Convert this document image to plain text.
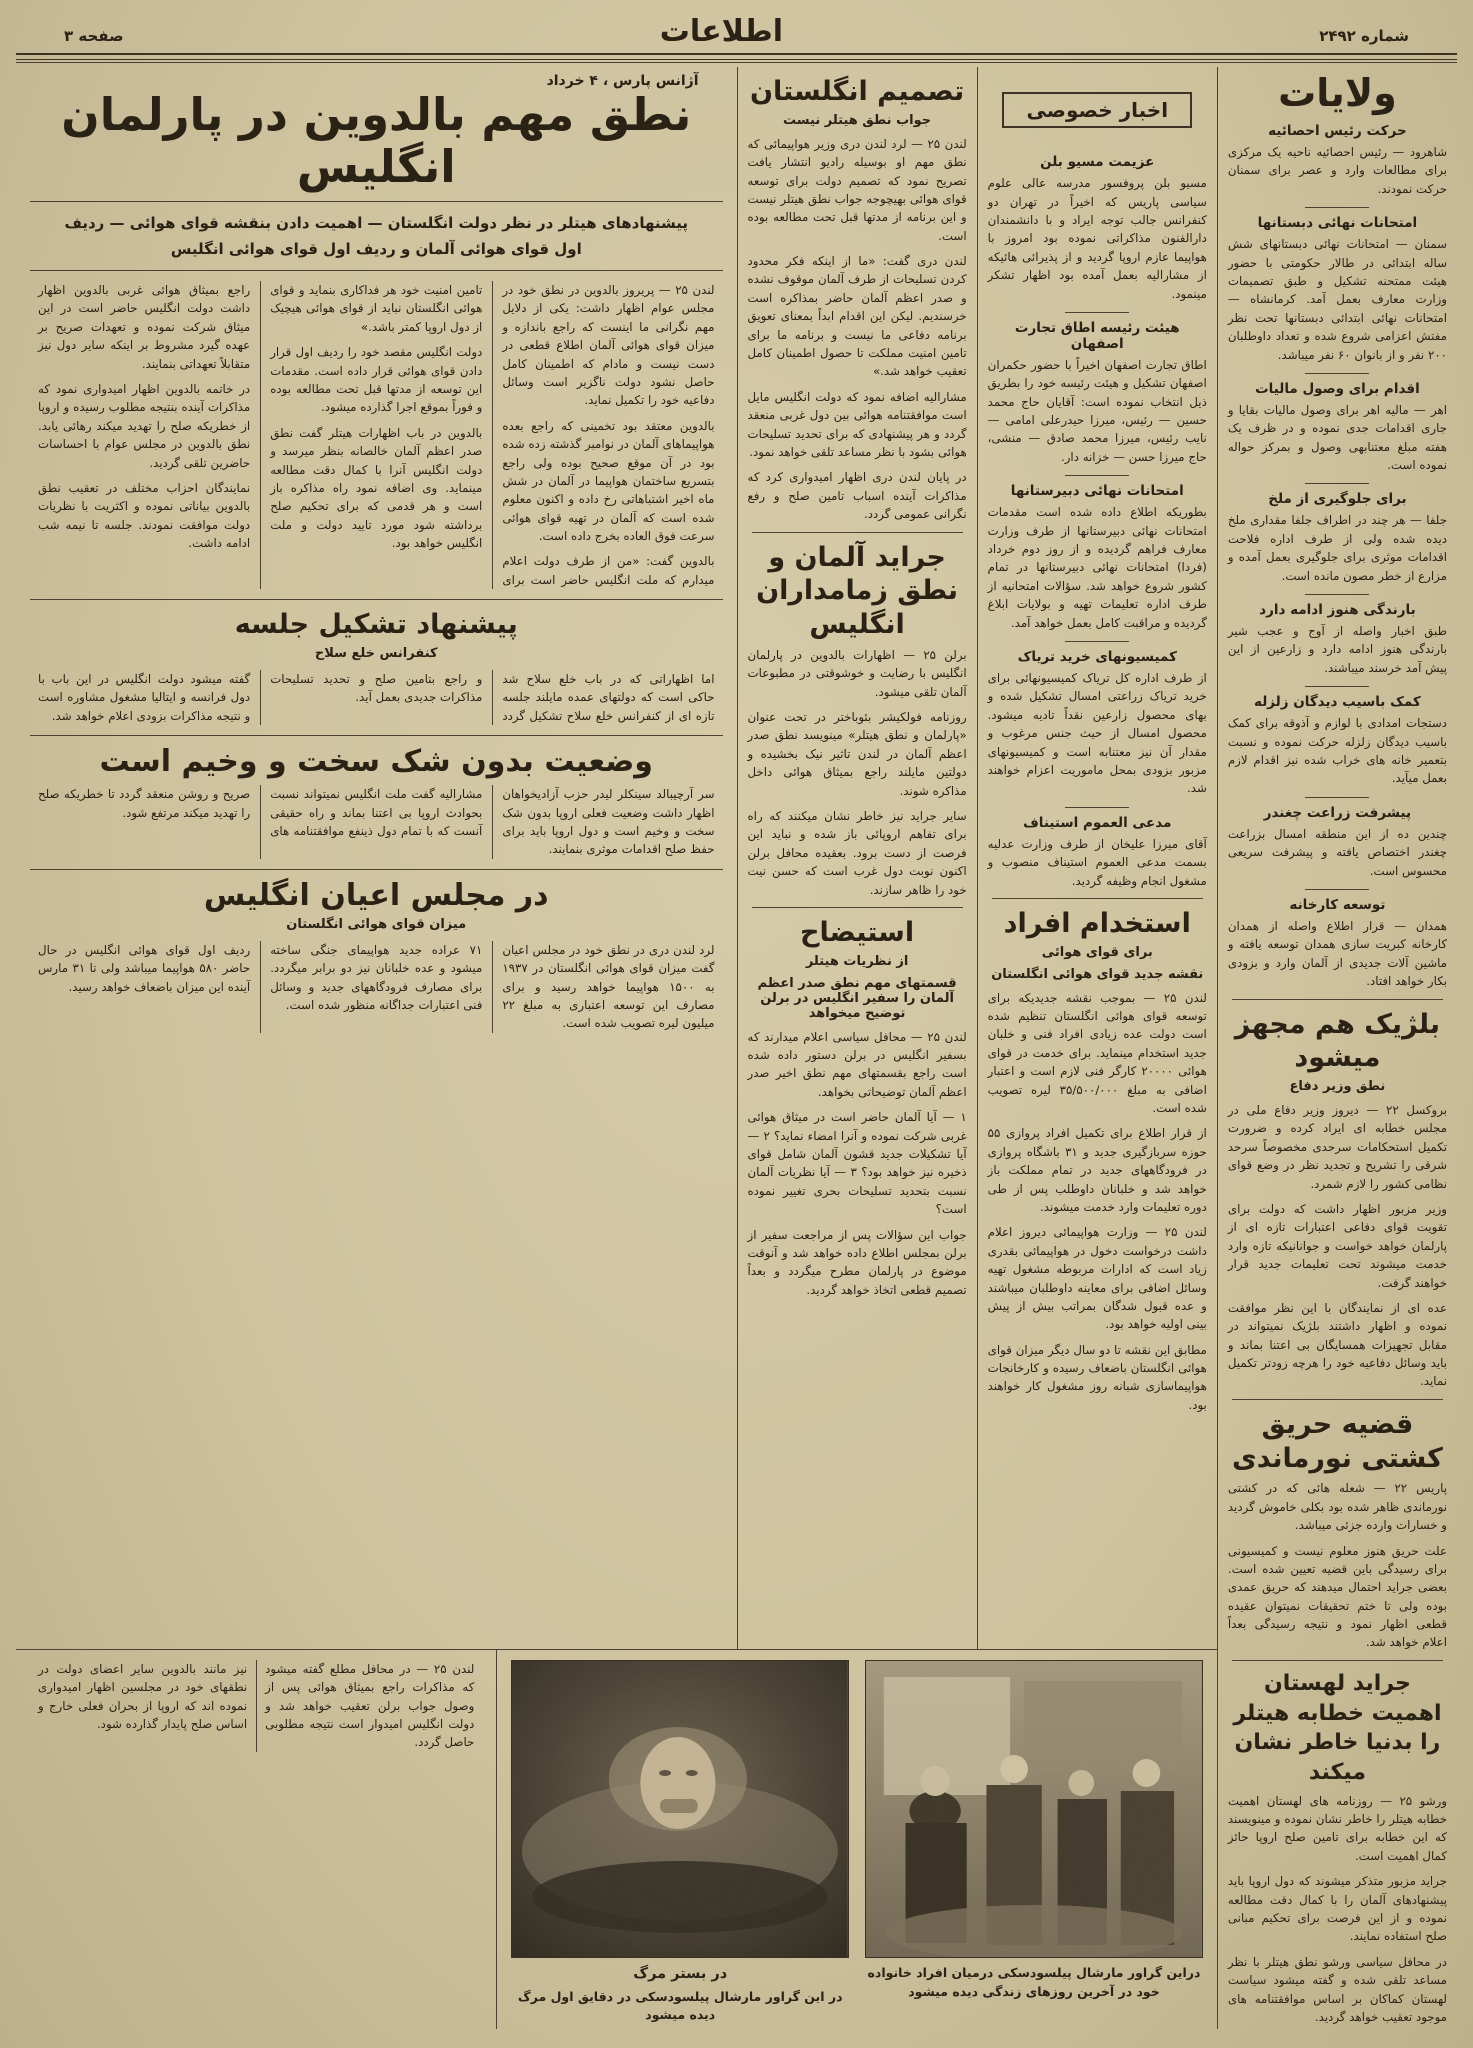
شماره ۲۴۹۲
اطلاعات
صفحه ۳
ولایات
حرکت رئیس احصائیه

شاهرود — رئیس احصائیه ناحیه یک مرکزی برای مطالعات وارد و عصر برای سمنان حرکت نمودند.

امتحانات نهائی دبستانها

سمنان — امتحانات نهائی دبستانهای شش ساله ابتدائی در طالار حکومتی با حضور هیئت ممتحنه تشکیل و طبق تصمیمات وزارت معارف بعمل آمد. کرمانشاه — امتحانات نهائی ابتدائی دبستانها تحت نظر مفتش اعزامی شروع شده و تعداد داوطلبان ۲۰۰ نفر و از بانوان ۶۰ نفر میباشد.

اقدام برای وصول مالیات

اهر — مالیه اهر برای وصول مالیات بقایا و جاری اقدامات جدی نموده و در ظرف یک هفته مبلغ معتنابهی وصول و بمرکز حواله نموده است.

برای جلوگیری از ملخ

جلفا — هر چند در اطراف جلفا مقداری ملخ دیده شده ولی از طرف اداره فلاحت اقدامات موثری برای جلوگیری بعمل آمده و مزارع از خطر مصون مانده است.

بارندگی هنوز ادامه دارد

طبق اخبار واصله از آوج و عجب شیر بارندگی هنوز ادامه دارد و زارعین از این پیش آمد خرسند میباشند.

کمک باسیب دیدگان زلزله

دستجات امدادی با لوازم و آذوقه برای کمک باسیب دیدگان زلزله حرکت نموده و نسبت بتعمیر خانه های خراب شده نیز اقدام لازم بعمل میآید.

پیشرفت زراعت چغندر

چندین ده از این منطقه امسال بزراعت چغندر اختصاص یافته و پیشرفت سریعی محسوس است.

توسعه کارخانه

همدان — قرار اطلاع واصله از همدان کارخانه کبریت سازی همدان توسعه یافته و ماشین آلات جدیدی از آلمان وارد و بزودی بکار خواهد افتاد.

بلژیک هم مجهز میشود
نطق وزیر دفاع

بروکسل ۲۲ — دیروز وزیر دفاع ملی در مجلس خطابه ای ایراد کرده و ضرورت تکمیل استحکامات سرحدی مخصوصاً سرحد شرقی را تشریح و تجدید نظر در وضع قوای نظامی کشور را لازم شمرد.

وزیر مزبور اظهار داشت که دولت برای تقویت قوای دفاعی اعتبارات تازه ای از پارلمان خواهد خواست و جوانانیکه تازه وارد خدمت میشوند تحت تعلیمات جدید قرار خواهند گرفت.

عده ای از نمایندگان با این نظر موافقت نموده و اظهار داشتند بلژیک نمیتواند در مقابل تجهیزات همسایگان بی اعتنا بماند و باید وسائل دفاعیه خود را هرچه زودتر تکمیل نماید.

قضیه حریق کشتی نورماندی

پاریس ۲۲ — شعله هائی که در کشتی نورماندی ظاهر شده بود بکلی خاموش گردید و خسارات وارده جزئی میباشد.

علت حریق هنوز معلوم نیست و کمیسیونی برای رسیدگی باین قضیه تعیین شده است. بعضی جراید احتمال میدهند که حریق عمدی بوده ولی تا ختم تحقیقات نمیتوان عقیده قطعی اظهار نمود و نتیجه رسیدگی بعداً اعلام خواهد شد.

جراید لهستان اهمیت خطابه هیتلر را بدنیا خاطر نشان میکند

ورشو ۲۵ — روزنامه های لهستان اهمیت خطابه هیتلر را خاطر نشان نموده و مینویسند که این خطابه برای تامین صلح اروپا حائز کمال اهمیت است.

جراید مزبور متذکر میشوند که دول اروپا باید پیشنهادهای آلمان را با کمال دقت مطالعه نموده و از این فرصت برای تحکیم مبانی صلح استفاده نمایند.

در محافل سیاسی ورشو نطق هیتلر با نظر مساعد تلقی شده و گفته میشود سیاست لهستان کماکان بر اساس موافقتنامه های موجود تعقیب خواهد گردید.

اخبار خصوصی
عزیمت مسیو بلن

مسیو بلن پروفسور مدرسه عالی علوم سیاسی پاریس که اخیراً در تهران دو کنفرانس جالب توجه ایراد و با دانشمندان دارالفنون مذاکراتی نموده بود امروز با هواپیما عازم اروپا گردید و از پذیرائی هائیکه از مشارالیه بعمل آمده بود اظهار تشکر مینمود.

هیئت رئیسه اطاق تجارت اصفهان

اطاق تجارت اصفهان اخیراً با حضور حکمران اصفهان تشکیل و هیئت رئیسه خود را بطریق ذیل انتخاب نموده است: آقایان حاج محمد حسین — رئیس، میرزا حیدرعلی امامی — نایب رئیس، میرزا محمد صادق — منشی، حاج میرزا حسن — خزانه دار.

امتحانات نهائی دبیرستانها

بطوریکه اطلاع داده شده است مقدمات امتحانات نهائی دبیرستانها از طرف وزارت معارف فراهم گردیده و از روز دوم خرداد (فردا) امتحانات نهائی دبیرستانها در تمام کشور شروع خواهد شد. سؤالات امتحانیه از طرف اداره تعلیمات تهیه و بولایات ابلاغ گردیده و مراقبت کامل بعمل خواهد آمد.

کمیسیونهای خرید تریاک

از طرف اداره کل تریاک کمیسیونهائی برای خرید تریاک زراعتی امسال تشکیل شده و بهای محصول زارعین نقداً تادیه میشود. محصول امسال از حیث جنس مرغوب و مقدار آن نیز معتنابه است و کمیسیونهای مزبور بزودی بمحل ماموریت اعزام خواهند شد.

مدعی العموم استیناف

آقای میرزا علیخان از طرف وزارت عدلیه بسمت مدعی العموم استیناف منصوب و مشغول انجام وظیفه گردید.

استخدام افراد
برای قوای هوائی
نقشه جدید قوای هوائی انگلستان

لندن ۲۵ — بموجب نقشه جدیدیکه برای توسعه قوای هوائی انگلستان تنظیم شده است دولت عده زیادی افراد فنی و خلبان جدید استخدام مینماید. برای خدمت در قوای هوائی ۲۰۰۰۰ کارگر فنی لازم است و اعتبار اضافی به مبلغ ۳۵/۵۰۰/۰۰۰ لیره تصویب شده است.

از قرار اطلاع برای تکمیل افراد پروازی ۵۵ حوزه سربازگیری جدید و ۳۱ باشگاه پروازی در فرودگاههای جدید در تمام مملکت باز خواهد شد و خلبانان داوطلب پس از طی دوره تعلیمات وارد خدمت میشوند.

لندن ۲۵ — وزارت هواپیمائی دیروز اعلام داشت درخواست دخول در هواپیمائی بقدری زیاد است که ادارات مربوطه مشغول تهیه وسائل اضافی برای معاینه داوطلبان میباشند و عده قبول شدگان بمراتب بیش از پیش بینی اولیه خواهد بود.

مطابق این نقشه تا دو سال دیگر میزان قوای هوائی انگلستان باضعاف رسیده و کارخانجات هواپیماسازی شبانه روز مشغول کار خواهند بود.

تصمیم انگلستان
جواب نطق هیتلر نیست

لندن ۲۵ — لرد لندن دری وزیر هواپیمائی که نطق مهم او بوسیله رادیو انتشار یافت تصریح نمود که تصمیم دولت برای توسعه قوای هوائی بهیچوجه جواب نطق هیتلر نیست و این برنامه از مدتها قبل تحت مطالعه بوده است.

لندن دری گفت: «ما از اینکه فکر محدود کردن تسلیحات از طرف آلمان موقوف نشده و صدر اعظم آلمان حاضر بمذاکره است خرسندیم. لیکن این اقدام ابداً بمعنای تعویق برنامه دفاعی ما نیست و برنامه ما برای تامین امنیت مملکت تا حصول اطمینان کامل تعقیب خواهد شد.»

مشارالیه اضافه نمود که دولت انگلیس مایل است موافقتنامه هوائی بین دول غربی منعقد گردد و هر پیشنهادی که برای تحدید تسلیحات هوائی بشود با نظر مساعد تلقی خواهد نمود.

در پایان لندن دری اظهار امیدواری کرد که مذاکرات آینده اسباب تامین صلح و رفع نگرانی عمومی گردد.

جراید آلمان و نطق زمامداران انگلیس

برلن ۲۵ — اظهارات بالدوین در پارلمان انگلیس با رضایت و خوشوقتی در مطبوعات آلمان تلقی میشود.

روزنامه فولکیشر بئوباختر در تحت عنوان «پارلمان و نطق هیتلر» مینویسد نطق صدر اعظم آلمان در لندن تاثیر نیک بخشیده و دولتین مایلند راجع بمیثاق هوائی داخل مذاکره شوند.

سایر جراید نیز خاطر نشان میکنند که راه برای تفاهم اروپائی باز شده و نباید این فرصت از دست برود. بعقیده محافل برلن اکنون نوبت دول غرب است که حسن نیت خود را ظاهر سازند.

استیضاح
از نظریات هیتلر
قسمتهای مهم نطق صدر اعظم آلمان را سفیر انگلیس در برلن توضیح میخواهد

لندن ۲۵ — محافل سیاسی اعلام میدارند که بسفیر انگلیس در برلن دستور داده شده است راجع بقسمتهای مهم نطق اخیر صدر اعظم آلمان توضیحاتی بخواهد.

۱ — آیا آلمان حاضر است در میثاق هوائی غربی شرکت نموده و آنرا امضاء نماید؟ ۲ — آیا تشکیلات جدید قشون آلمان شامل قوای ذخیره نیز خواهد بود؟ ۳ — آیا نظریات آلمان نسبت بتحدید تسلیحات بحری تغییر نموده است؟

جواب این سؤالات پس از مراجعت سفیر از برلن بمجلس اطلاع داده خواهد شد و آنوقت موضوع در پارلمان مطرح میگردد و بعداً تصمیم قطعی اتخاذ خواهد گردید.

آژانس پارس ، ۴ خرداد
نطق مهم بالدوین در پارلمان انگلیس
پیشنهادهای هیتلر در نظر دولت انگلستان — اهمیت دادن بنقشه قوای هوائی — ردیف اول قوای هوائی آلمان و ردیف اول قوای هوائی انگلیس

لندن ۲۵ — پریروز بالدوین در نطق خود در مجلس عوام اظهار داشت: یکی از دلایل مهم نگرانی ما اینست که راجع باندازه و میزان قوای هوائی آلمان اطلاع قطعی در دست نیست و مادام که اطمینان کامل حاصل نشود دولت ناگزیر است وسائل دفاعیه خود را تکمیل نماید.

بالدوین معتقد بود تخمینی که راجع بعده هواپیماهای آلمان در نوامبر گذشته زده شده بود در آن موقع صحیح بوده ولی راجع بتسریع ساختمان هواپیما در آلمان در شش ماه اخیر اشتباهاتی رخ داده و اکنون معلوم شده است که آلمان در تهیه قوای هوائی سرعت فوق العاده بخرج داده است.

بالدوین گفت: «من از طرف دولت اعلام میدارم که ملت انگلیس حاضر است برای تامین امنیت خود هر فداکاری بنماید و قوای هوائی انگلستان نباید از قوای هوائی هیچیک از دول اروپا کمتر باشد.»

دولت انگلیس مقصد خود را ردیف اول قرار دادن قوای هوائی قرار داده است. مقدمات این توسعه از مدتها قبل تحت مطالعه بوده و فوراً بموقع اجرا گذارده میشود.

بالدوین در باب اظهارات هیتلر گفت نطق صدر اعظم آلمان خالصانه بنظر میرسد و دولت انگلیس آنرا با کمال دقت مطالعه مینماید. وی اضافه نمود راه مذاکره باز است و هر قدمی که برای تحکیم صلح برداشته شود مورد تایید دولت و ملت انگلیس خواهد بود.

راجع بمیثاق هوائی غربی بالدوین اظهار داشت دولت انگلیس حاضر است در این میثاق شرکت نموده و تعهدات صریح بر عهده گیرد مشروط بر اینکه سایر دول نیز متقابلاً تعهداتی بنمایند.

در خاتمه بالدوین اظهار امیدواری نمود که مذاکرات آینده بنتیجه مطلوب رسیده و اروپا از خطریکه صلح را تهدید میکند رهائی یابد. نطق بالدوین در مجلس عوام با احساسات حاضرین تلقی گردید.

نمایندگان احزاب مختلف در تعقیب نطق بالدوین بیاناتی نموده و اکثریت با نظریات دولت موافقت نمودند. جلسه تا نیمه شب ادامه داشت.

پیشنهاد تشکیل جلسه
کنفرانس خلع سلاح

اما اظهاراتی که در باب خلع سلاح شد حاکی است که دولتهای عمده مایلند جلسه تازه ای از کنفرانس خلع سلاح تشکیل گردد و راجع بتامین صلح و تحدید تسلیحات مذاکرات جدیدی بعمل آید.

گفته میشود دولت انگلیس در این باب با دول فرانسه و ایتالیا مشغول مشاوره است و نتیجه مذاکرات بزودی اعلام خواهد شد.

وضعیت بدون شک سخت و وخیم است

سر آرچیبالد سینکلر لیدر حزب آزادیخواهان اظهار داشت وضعیت فعلی اروپا بدون شک سخت و وخیم است و دول اروپا باید برای حفظ صلح اقدامات موثری بنمایند.

مشارالیه گفت ملت انگلیس نمیتواند نسبت بحوادث اروپا بی اعتنا بماند و راه حقیقی آنست که با تمام دول ذینفع موافقتنامه های صریح و روشن منعقد گردد تا خطریکه صلح را تهدید میکند مرتفع شود.

در مجلس اعیان انگلیس
میزان قوای هوائی انگلستان

لرد لندن دری در نطق خود در مجلس اعیان گفت میزان قوای هوائی انگلستان در ۱۹۳۷ به ۱۵۰۰ هواپیما خواهد رسید و برای مصارف این توسعه اعتباری به مبلغ ۲۲ میلیون لیره تصویب شده است.

۷۱ عراده جدید هواپیمای جنگی ساخته میشود و عده خلبانان نیز دو برابر میگردد. برای مصارف فرودگاههای جدید و وسائل فنی اعتبارات جداگانه منظور شده است.

ردیف اول قوای هوائی انگلیس در حال حاضر ۵۸۰ هواپیما میباشد ولی تا ۳۱ مارس آینده این میزان باضعاف خواهد رسید.

دراین گراور مارشال پیلسودسکی درمیان افراد خانواده خود در آخرین روزهای زندگی دیده میشود
در بستر مرگ
در این گراور مارشال پیلسودسکی در دقایق اول مرگ دیده میشود

لندن ۲۵ — در محافل مطلع گفته میشود که مذاکرات راجع بمیثاق هوائی پس از وصول جواب برلن تعقیب خواهد شد و دولت انگلیس امیدوار است نتیجه مطلوبی حاصل گردد.

نیز مانند بالدوین سایر اعضای دولت در نطقهای خود در مجلسین اظهار امیدواری نموده اند که اروپا از بحران فعلی خارج و اساس صلح پایدار گذارده شود.
